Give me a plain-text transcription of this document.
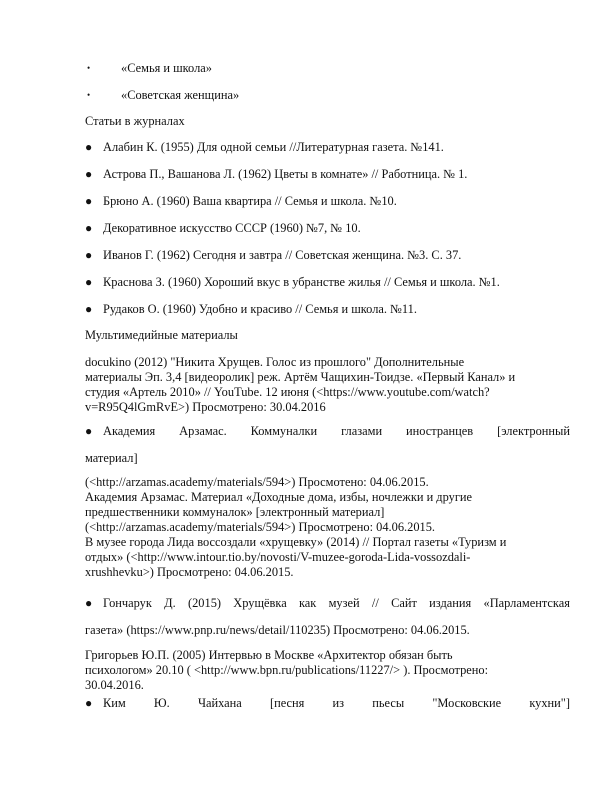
• «Семья и школа»
• «Советская женщина»
Статьи в журналах
● Алабин К. (1955) Для одной семьи //Литературная газета. №141.
● Астрова П., Вашанова Л. (1962) Цветы в комнате» // Работница. № 1.
● Брюно А. (1960) Ваша квартира // Семья и школа. №10.
● Декоративное искусство СССР (1960) №7, № 10.
● Иванов Г. (1962) Сегодня и завтра // Советская женщина. №3. С. 37.
● Краснова З. (1960) Хороший вкус в убранстве жилья // Семья и школа. №1.
● Рудаков О. (1960) Удобно и красиво // Семья и школа. №11.
Мультимедийные материалы
docukino (2012) "Никита Хрущев. Голос из прошлого" Дополнительные
материалы Эп. 3,4 [видеоролик] реж. Артём Чащихин-Тоидзе. «Первый Канал» и
студия «Артель 2010» // YouTube. 12 июня (<https://www.youtube.com/watch?
v=R95Q4lGmRvE>) Просмотрено: 30.04.2016
● Академия Арзамас. Коммуналки глазами иностранцев [электронный
материал]
(<http://arzamas.academy/materials/594>) Просмотено: 04.06.2015.
Академия Арзамас. Материал «Доходные дома, избы, ночлежки и другие
предшественники коммуналок» [электронный материал]
(<http://arzamas.academy/materials/594>) Просмотрено: 04.06.2015.
В музее города Лида воссоздали «хрущевку» (2014) // Портал газеты «Туризм и
отдых» (<http://www.intour.tio.by/novosti/V-muzee-goroda-Lida-vossozdali-
xrushhevku>) Просмотрено: 04.06.2015.
● Гончарук Д. (2015) Хрущёвка как музей // Сайт издания «Парламентская
газета» (https://www.pnp.ru/news/detail/110235) Просмотрено: 04.06.2015.
Григорьев Ю.П. (2005) Интервью в Москве «Архитектор обязан быть
психологом» 20.10 ( <http://www.bpn.ru/publications/11227/> ). Просмотрено:
30.04.2016.
● Ким Ю. Чайхана [песня из пьесы "Московские кухни"]
